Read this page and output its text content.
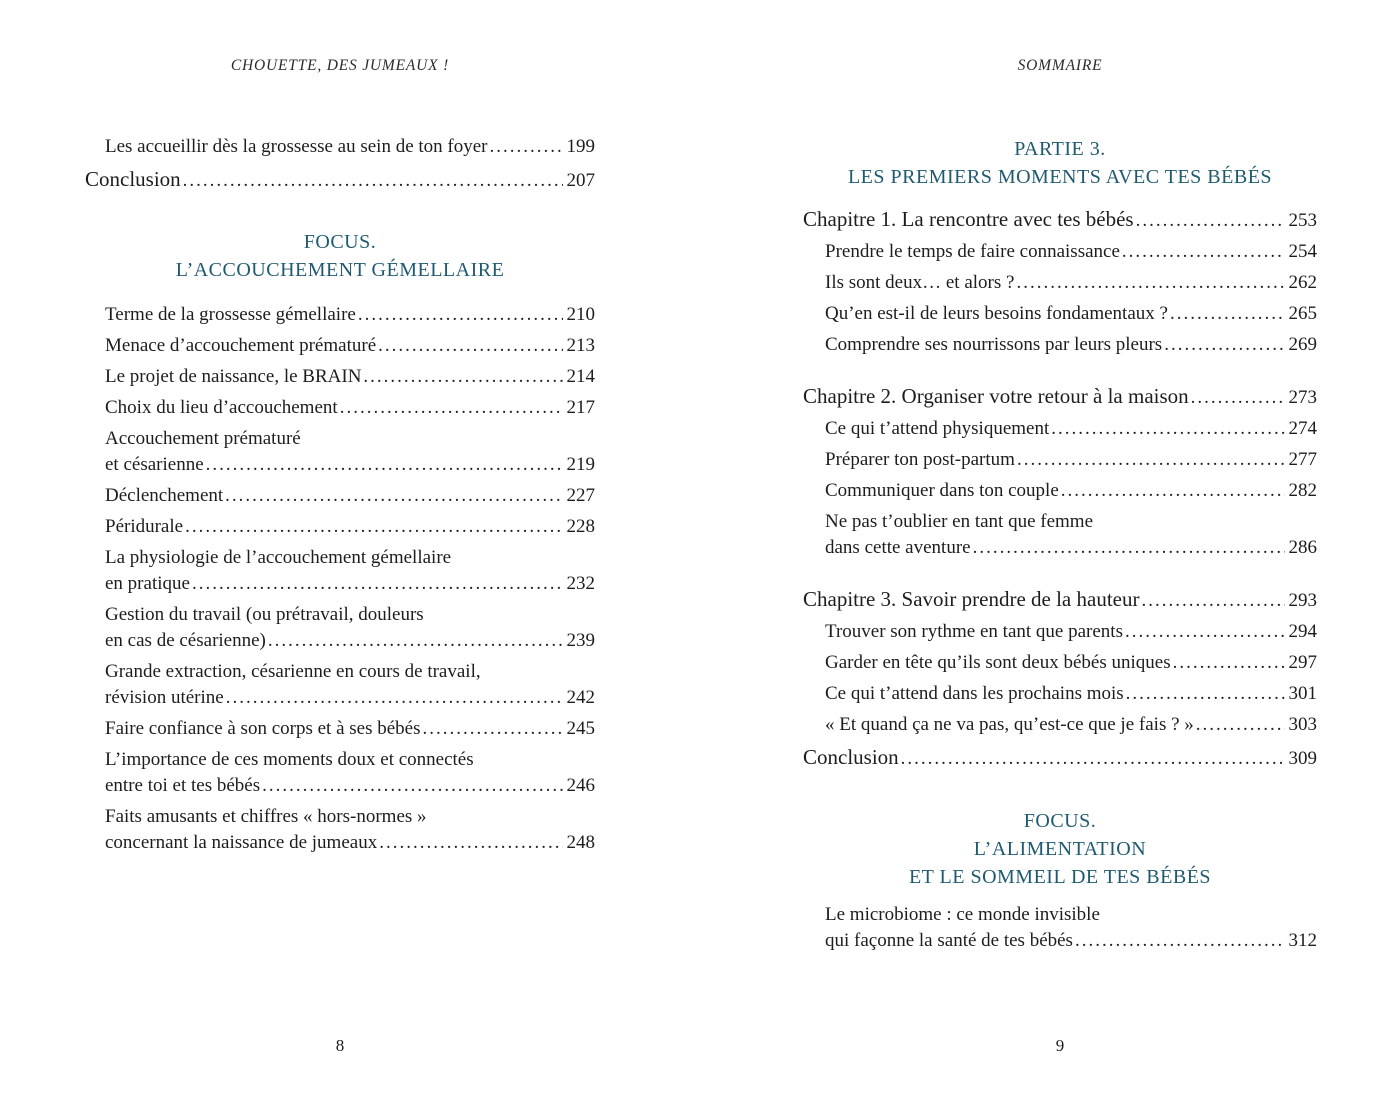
CHOUETTE, DES JUMEAUX !
Les accueillir dès la grossesse au sein de ton foyer .....	199
Conclusion .....	207
FOCUS.
L’ACCOUCHEMENT GÉMELLAIRE
Terme de la grossesse gémellaire .....	210
Menace d’accouchement prématuré .....	213
Le projet de naissance, le BRAIN .....	214
Choix du lieu d’accouchement .....	217
Accouchement prématuré
et césarienne .....	219
Déclenchement .....	227
Péridurale .....	228
La physiologie de l’accouchement gémellaire
en pratique .....	232
Gestion du travail (ou prétravail, douleurs
en cas de césarienne) .....	239
Grande extraction, césarienne en cours de travail,
révision utérine .....	242
Faire confiance à son corps et à ses bébés .....	245
L’importance de ces moments doux et connectés
entre toi et tes bébés .....	246
Faits amusants et chiffres « hors-normes »
concernant la naissance de jumeaux .....	248
8
SOMMAIRE
PARTIE 3.
LES PREMIERS MOMENTS AVEC TES BÉBÉS
Chapitre 1. La rencontre avec tes bébés .....	253
Prendre le temps de faire connaissance .....	254
Ils sont deux… et alors ? .....	262
Qu’en est-il de leurs besoins fondamentaux ? .....	265
Comprendre ses nourrissons par leurs pleurs .....	269
Chapitre 2. Organiser votre retour à la maison .....	273
Ce qui t’attend physiquement .....	274
Préparer ton post-partum .....	277
Communiquer dans ton couple .....	282
Ne pas t’oublier en tant que femme
dans cette aventure .....	286
Chapitre 3. Savoir prendre de la hauteur .....	293
Trouver son rythme en tant que parents .....	294
Garder en tête qu’ils sont deux bébés uniques .....	297
Ce qui t’attend dans les prochains mois .....	301
« Et quand ça ne va pas, qu’est-ce que je fais ? » .....	303
Conclusion .....	309
FOCUS.
L’ALIMENTATION
ET LE SOMMEIL DE TES BÉBÉS
Le microbiome : ce monde invisible
qui façonne la santé de tes bébés .....	312
9
